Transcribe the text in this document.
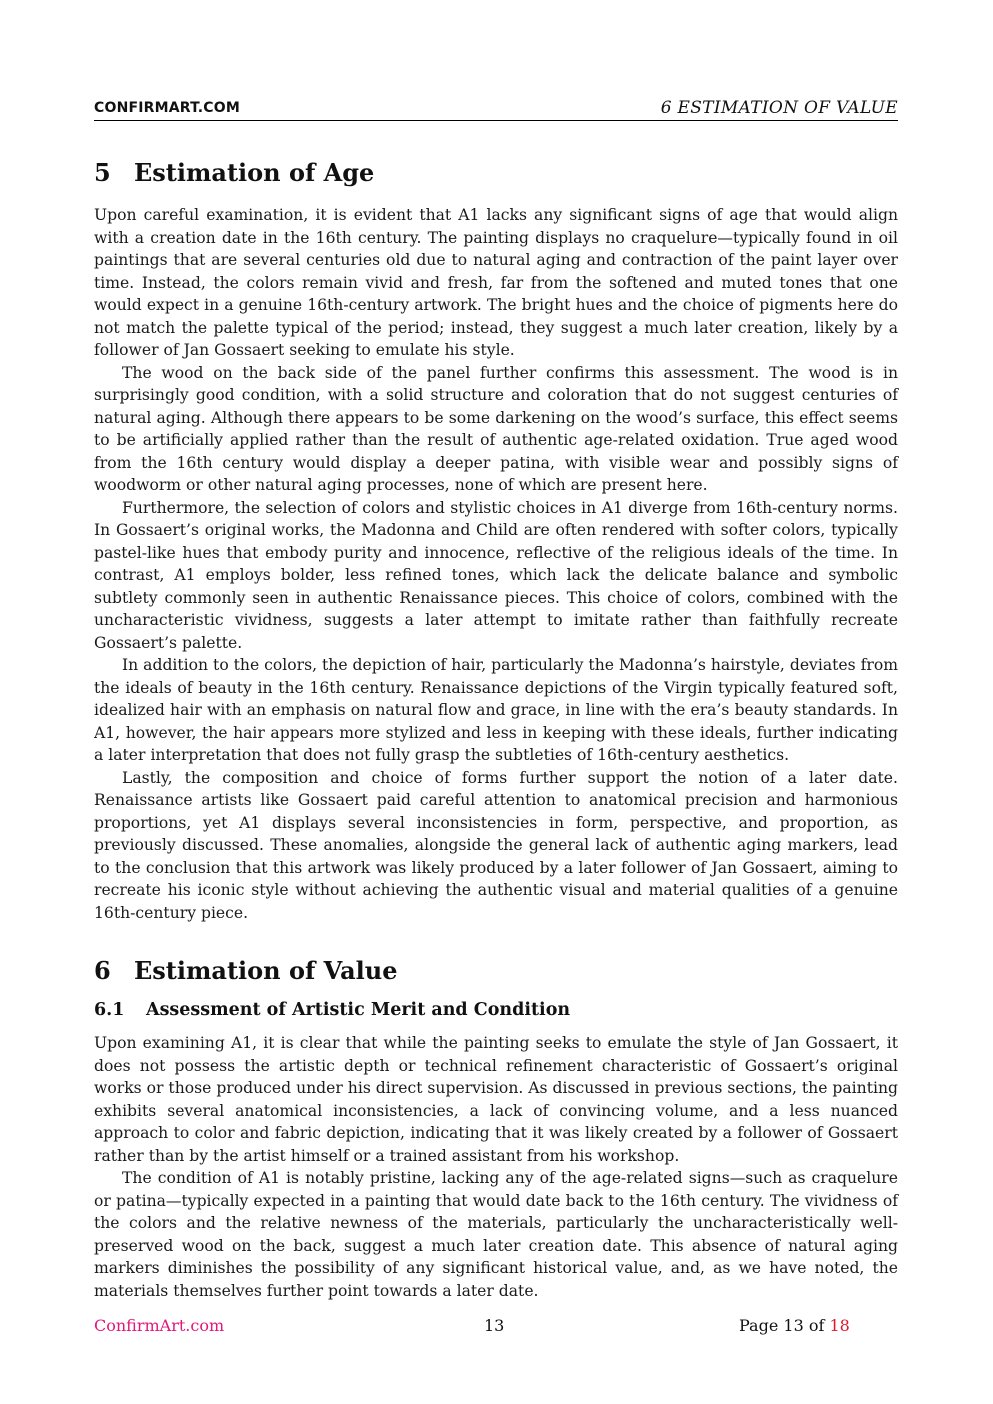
CONFIRMART.COM	6 ESTIMATION OF VALUE
5 Estimation of Age

Upon careful examination, it is evident that A1 lacks any significant signs of age that would align with a creation date in the 16th century. The painting displays no craquelure—typically found in oil paintings that are several centuries old due to natural aging and contraction of the paint layer over time. Instead, the colors remain vivid and fresh, far from the softened and muted tones that one would expect in a genuine 16th-century artwork. The bright hues and the choice of pigments here do not match the palette typical of the period; instead, they suggest a much later creation, likely by a follower of Jan Gossaert seeking to emulate his style.

The wood on the back side of the panel further confirms this assessment. The wood is in surprisingly good condition, with a solid structure and coloration that do not suggest centuries of natural aging. Although there appears to be some darkening on the wood’s surface, this effect seems to be artificially applied rather than the result of authentic age-related oxidation. True aged wood from the 16th century would display a deeper patina, with visible wear and possibly signs of woodworm or other natural aging processes, none of which are present here.

Furthermore, the selection of colors and stylistic choices in A1 diverge from 16th-century norms. In Gossaert’s original works, the Madonna and Child are often rendered with softer colors, typically pastel-like hues that embody purity and innocence, reflective of the religious ideals of the time. In contrast, A1 employs bolder, less refined tones, which lack the delicate balance and symbolic subtlety commonly seen in authentic Renaissance pieces. This choice of colors, combined with the uncharacteristic vividness, suggests a later attempt to imitate rather than faithfully recreate Gossaert’s palette.

In addition to the colors, the depiction of hair, particularly the Madonna’s hairstyle, deviates from the ideals of beauty in the 16th century. Renaissance depictions of the Virgin typically featured soft, idealized hair with an emphasis on natural flow and grace, in line with the era’s beauty standards. In A1, however, the hair appears more stylized and less in keeping with these ideals, further indicating a later interpretation that does not fully grasp the subtleties of 16th-century aesthetics.

Lastly, the composition and choice of forms further support the notion of a later date. Renaissance artists like Gossaert paid careful attention to anatomical precision and harmonious proportions, yet A1 displays several inconsistencies in form, perspective, and proportion, as previously discussed. These anomalies, alongside the general lack of authentic aging markers, lead to the conclusion that this artwork was likely produced by a later follower of Jan Gossaert, aiming to recreate his iconic style without achieving the authentic visual and material qualities of a genuine 16th-century piece.

6 Estimation of Value
6.1 Assessment of Artistic Merit and Condition

Upon examining A1, it is clear that while the painting seeks to emulate the style of Jan Gossaert, it does not possess the artistic depth or technical refinement characteristic of Gossaert’s original works or those produced under his direct supervision. As discussed in previous sections, the painting exhibits several anatomical inconsistencies, a lack of convincing volume, and a less nuanced approach to color and fabric depiction, indicating that it was likely created by a follower of Gossaert rather than by the artist himself or a trained assistant from his workshop.

The condition of A1 is notably pristine, lacking any of the age-related signs—such as craquelure or patina—typically expected in a painting that would date back to the 16th century. The vividness of the colors and the relative newness of the materials, particularly the uncharacteristically well-preserved wood on the back, suggest a much later creation date. This absence of natural aging markers diminishes the possibility of any significant historical value, and, as we have noted, the materials themselves further point towards a later date.

ConfirmArt.com	13	Page 13 of 18
